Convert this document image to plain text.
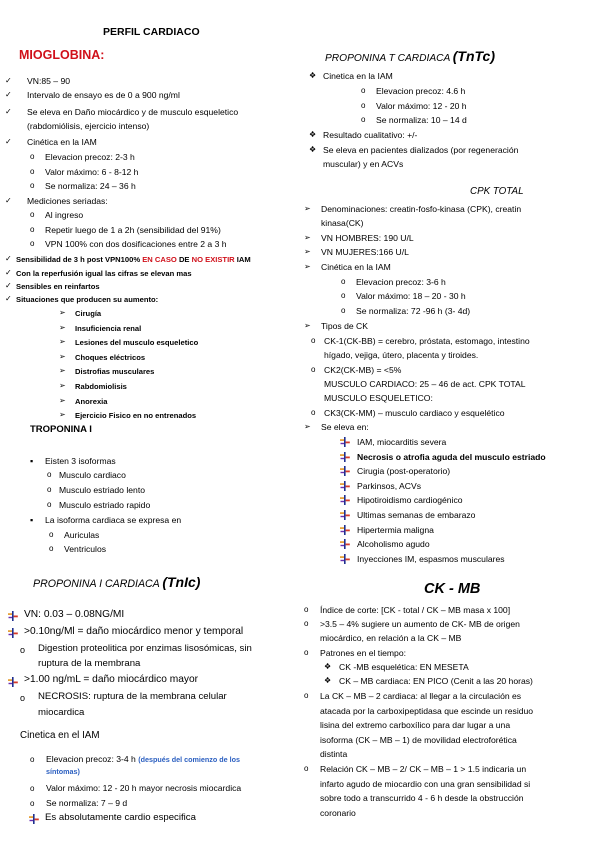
PERFIL CARDIACO
MIOGLOBINA:
✓ VN:85 – 90
✓ Intervalo de ensayo es de 0 a 900 ng/ml
✓ Se eleva en Daño miocárdico y de musculo esqueletico
(rabdomiólisis, ejercicio intenso)
✓ Cinética en la IAM
o Elevacion precoz: 2-3 h
o Valor máximo: 6 - 8-12 h
o Se normaliza: 24 – 36 h
✓ Mediciones seriadas:
o Al ingreso
o Repetir luego de 1 a 2h (sensibilidad del 91%)
o VPN 100% con dos dosificaciones entre 2 a 3 h
✓ Sensibilidad de 3 h post VPN100% EN CASO DE NO EXISTIR IAM
✓ Con la reperfusión igual las cifras se elevan mas
✓ Sensibles en reinfartos
✓ Situaciones que producen su aumento:
➢ Cirugía
➢ Insuficiencia renal
➢ Lesiones del musculo esqueletico
➢ Choques eléctricos
➢ Distrofias musculares
➢ Rabdomiolisis
➢ Anorexia
➢ Ejercicio Fisico en no entrenados
TROPONINA I
▪ Eisten 3 isoformas
o Musculo cardiaco
o Musculo estriado lento
o Musculo estriado rapido
▪ La isoforma cardiaca se expresa en
o Auriculas
o Ventriculos
PROPONINA I CARDIACA (TnIc)
VN: 0.03 – 0.08NG/MI
>0.10ng/Ml = daño miocárdico menor y temporal
o Digestion proteolitica por enzimas lisosómicas, sin
ruptura de la membrana
>1.00 ng/mL = daño miocárdico mayor
o NECROSIS: ruptura de la membrana celular
miocardica
Cinetica en el IAM
o Elevacion precoz: 3-4 h (después del comienzo de los
síntomas)
o Valor máximo: 12 - 20 h mayor necrosis miocardica
o Se normaliza: 7 – 9 d
Es absolutamente cardio especifica
PROPONINA T CARDIACA (TnTc)
❖ Cinetica en la IAM
o Elevacion precoz: 4.6 h
o Valor máximo: 12 - 20 h
o Se normaliza: 10 – 14 d
❖ Resultado cualitativo: +/-
❖ Se eleva en pacientes dializados (por regeneración
muscular) y en ACVs
CPK TOTAL
➢ Denominaciones: creatin-fosfo-kinasa (CPK), creatin
kinasa(CK)
➢ VN HOMBRES: 190 U/L
➢ VN MUJERES:166 U/L
➢ Cinética en la IAM
o Elevacion precoz: 3-6 h
o Valor máximo: 18 – 20 - 30 h
o Se normaliza: 72 -96 h (3- 4d)
➢ Tipos de CK
o CK-1(CK-BB) = cerebro, próstata, estomago, intestino
hígado, vejiga, útero, placenta y tiroides.
o CK2(CK-MB) = <5%
MUSCULO CARDIACO: 25 – 46 de act. CPK TOTAL
MUSCULO ESQUELETICO:
o CK3(CK-MM) – musculo cardiaco y esquelético
➢ Se eleva en:
IAM, miocarditis severa
Necrosis o atrofia aguda del musculo estriado
Cirugia (post-operatorio)
Parkinsos, ACVs
Hipotiroidismo cardiogénico
Ultimas semanas de embarazo
Hipertermia maligna
Alcoholismo agudo
Inyecciones IM, espasmos musculares
CK - MB
o Índice de corte: [CK - total / CK – MB masa x 100]
o >3.5 – 4% sugiere un aumento de CK- MB de origen
miocárdico, en relación a la CK – MB
o Patrones en el tiempo:
❖ CK -MB esquelética: EN MESETA
❖ CK – MB cardiaca: EN PICO (Cenit a las 20 horas)
o La CK – MB – 2 cardiaca: al llegar a la circulación es
atacada por la carboxipeptidasa que escinde un residuo
lisina del extremo carboxílico para dar lugar a una
isoforma (CK – MB – 1) de movilidad electroforética
distinta
o Relación CK – MB – 2/ CK – MB – 1 > 1.5 indicaria un
infarto agudo de miocardio con una gran sensibilidad si
sobre todo a transcurrido 4 - 6 h desde la obstrucción
coronario
